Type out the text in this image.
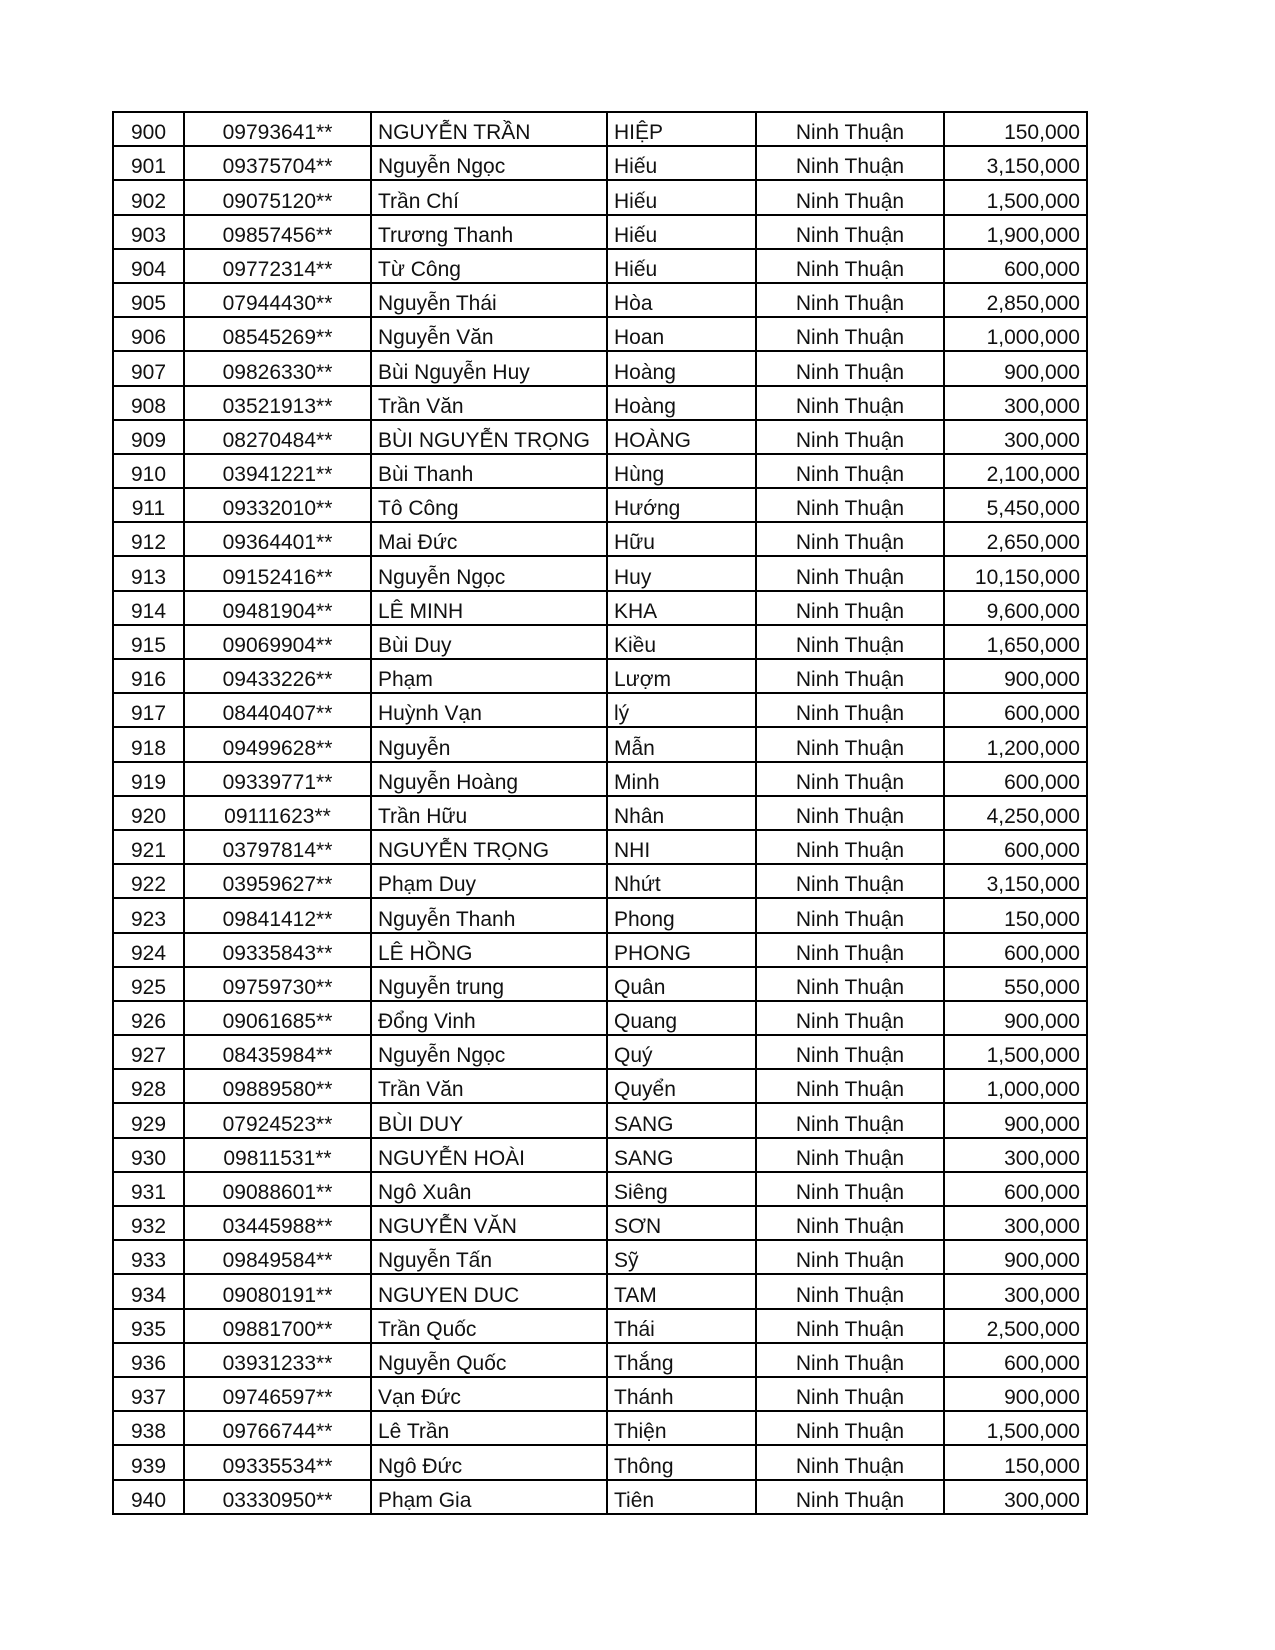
900	09793641**	NGUYỄN TRẦN	HIỆP	Ninh Thuận	150,000
901	09375704**	Nguyễn Ngọc	Hiếu	Ninh Thuận	3,150,000
902	09075120**	Trần Chí	Hiếu	Ninh Thuận	1,500,000
903	09857456**	Trương Thanh	Hiếu	Ninh Thuận	1,900,000
904	09772314**	Từ Công	Hiếu	Ninh Thuận	600,000
905	07944430**	Nguyễn Thái	Hòa	Ninh Thuận	2,850,000
906	08545269**	Nguyễn Văn	Hoan	Ninh Thuận	1,000,000
907	09826330**	Bùi Nguyễn Huy	Hoàng	Ninh Thuận	900,000
908	03521913**	Trần Văn	Hoàng	Ninh Thuận	300,000
909	08270484**	BÙI NGUYỄN TRỌNG	HOÀNG	Ninh Thuận	300,000
910	03941221**	Bùi Thanh	Hùng	Ninh Thuận	2,100,000
911	09332010**	Tô Công	Hướng	Ninh Thuận	5,450,000
912	09364401**	Mai Đức	Hữu	Ninh Thuận	2,650,000
913	09152416**	Nguyễn Ngọc	Huy	Ninh Thuận	10,150,000
914	09481904**	LÊ MINH	KHA	Ninh Thuận	9,600,000
915	09069904**	Bùi Duy	Kiều	Ninh Thuận	1,650,000
916	09433226**	Phạm	Lượm	Ninh Thuận	900,000
917	08440407**	Huỳnh Vạn	lý	Ninh Thuận	600,000
918	09499628**	Nguyễn	Mẫn	Ninh Thuận	1,200,000
919	09339771**	Nguyễn Hoàng	Minh	Ninh Thuận	600,000
920	09111623**	Trần Hữu	Nhân	Ninh Thuận	4,250,000
921	03797814**	NGUYỄN TRỌNG	NHI	Ninh Thuận	600,000
922	03959627**	Phạm Duy	Nhứt	Ninh Thuận	3,150,000
923	09841412**	Nguyễn Thanh	Phong	Ninh Thuận	150,000
924	09335843**	LÊ HỒNG	PHONG	Ninh Thuận	600,000
925	09759730**	Nguyễn trung	Quân	Ninh Thuận	550,000
926	09061685**	Đổng Vinh	Quang	Ninh Thuận	900,000
927	08435984**	Nguyễn Ngọc	Quý	Ninh Thuận	1,500,000
928	09889580**	Trần Văn	Quyển	Ninh Thuận	1,000,000
929	07924523**	BÙI DUY	SANG	Ninh Thuận	900,000
930	09811531**	NGUYỄN HOÀI	SANG	Ninh Thuận	300,000
931	09088601**	Ngô Xuân	Siêng	Ninh Thuận	600,000
932	03445988**	NGUYỄN VĂN	SƠN	Ninh Thuận	300,000
933	09849584**	Nguyễn Tấn	Sỹ	Ninh Thuận	900,000
934	09080191**	NGUYEN DUC	TAM	Ninh Thuận	300,000
935	09881700**	Trần Quốc	Thái	Ninh Thuận	2,500,000
936	03931233**	Nguyễn Quốc	Thắng	Ninh Thuận	600,000
937	09746597**	Vạn Đức	Thánh	Ninh Thuận	900,000
938	09766744**	Lê Trần	Thiện	Ninh Thuận	1,500,000
939	09335534**	Ngô Đức	Thông	Ninh Thuận	150,000
940	03330950**	Phạm Gia	Tiên	Ninh Thuận	300,000
